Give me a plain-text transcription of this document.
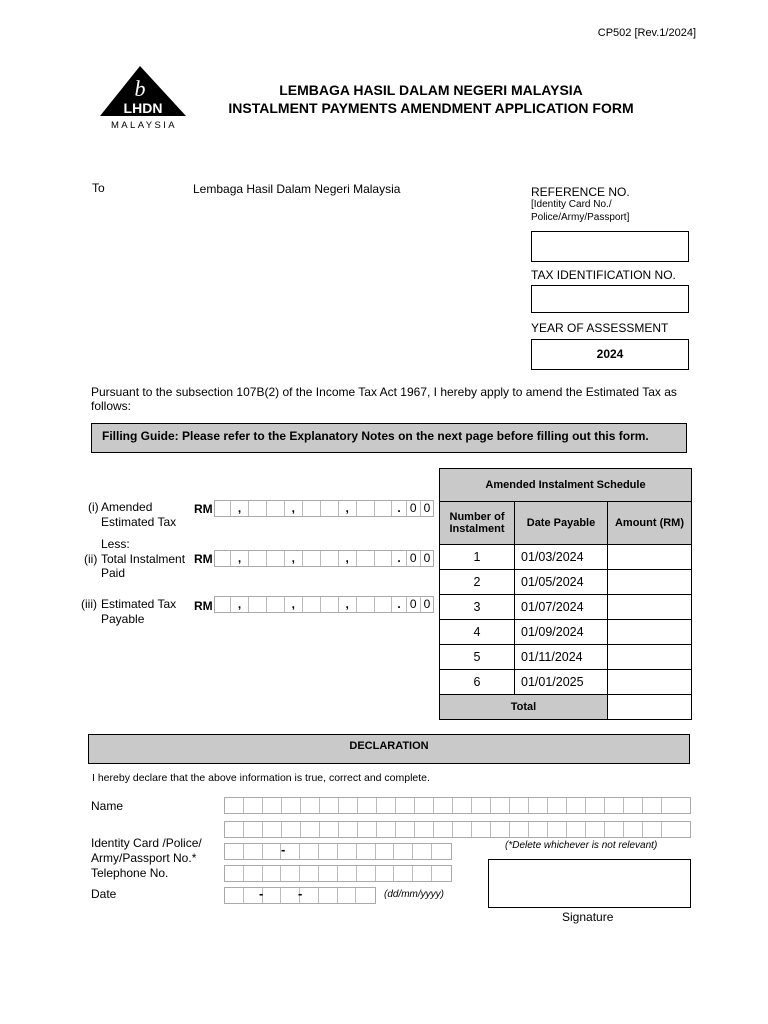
CP502 [Rev.1/2024]
b
LHDN
MALAYSIA
LEMBAGA HASIL DALAM NEGERI MALAYSIA
INSTALMENT PAYMENTS AMENDMENT APPLICATION FORM
To	Lembaga Hasil Dalam Negeri Malaysia	REFERENCE NO.
[Identity Card No./ Police/Army/Passport]
TAX IDENTIFICATION NO.
YEAR OF ASSESSMENT
2024
Pursuant to the subsection 107B(2) of the Income Tax Act 1967, I hereby apply to amend the Estimated Tax as follows:
Filling Guide: Please refer to the Explanatory Notes on the next page before filling out this form.
(i) Amended
Estimated Tax
RM	,	,	,	. 0 0
Less:
(ii) Total Instalment
Paid
RM	,	,	,	. 0 0
(iii) Estimated Tax
Payable
RM	,	,	,	. 0 0
Amended Instalment Schedule		
Number of Instalment	Date Payable	Amount (RM)
1	01/03/2024	
2	01/05/2024	
3	01/07/2024	
4	01/09/2024	
5	01/11/2024	
6	01/01/2025	
Total		
DECLARATION
I hereby declare that the above information is true, correct and complete.
Name
Identity Card /Police/
Army/Passport No.*
-	(*Delete whichever is not relevant)
Telephone No.
Date	-	-	(dd/mm/yyyy)
Signature
